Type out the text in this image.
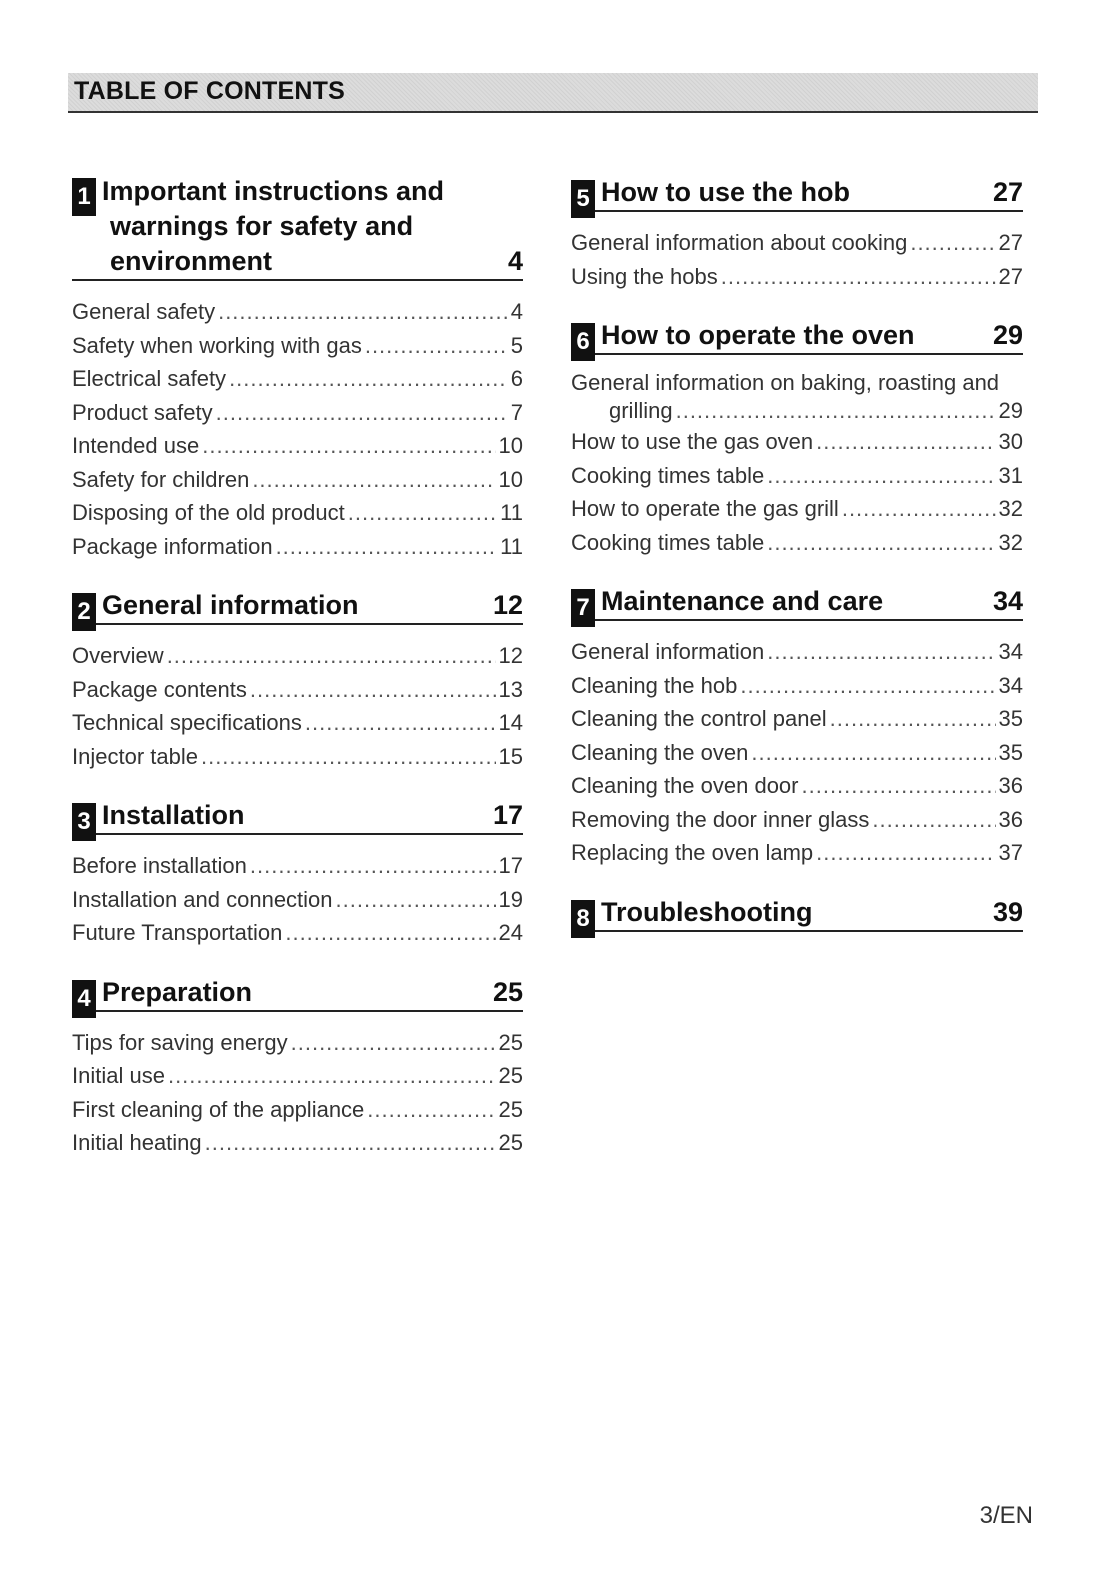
TABLE OF CONTENTS
1 Important instructions and
warnings for safety and
environment	4
General safety .....	4
Safety when working with gas .....	5
Electrical safety .....	6
Product safety .....	7
Intended use .....	10
Safety for children .....	10
Disposing of the old product .....	11
Package information .....	11
2 General information	12
Overview .....	12
Package contents .....	13
Technical specifications .....	14
Injector table .....	15
3 Installation	17
Before installation .....	17
Installation and connection .....	19
Future Transportation .....	24
4 Preparation	25
Tips for saving energy .....	25
Initial use .....	25
First cleaning of the appliance .....	25
Initial heating .....	25
5 How to use the hob	27
General information about cooking .....	27
Using the hobs .....	27
6 How to operate the oven	29
General information on baking, roasting and
grilling .....	29
How to use the gas oven .....	30
Cooking times table .....	31
How to operate the gas grill .....	32
Cooking times table .....	32
7 Maintenance and care	34
General information .....	34
Cleaning the hob .....	34
Cleaning the control panel .....	35
Cleaning the oven .....	35
Cleaning the oven door .....	36
Removing the door inner glass .....	36
Replacing the oven lamp .....	37
8 Troubleshooting	39
3/EN
